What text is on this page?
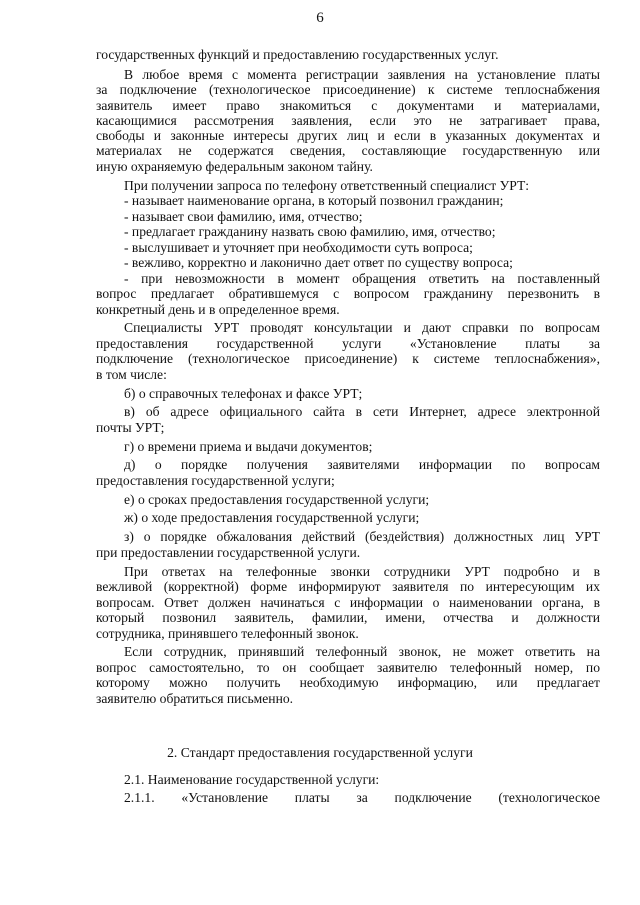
6
государственных функций и предоставлению государственных услуг.
В любое время с момента регистрации заявления на установление платы
за подключение (технологическое присоединение) к системе теплоснабжения
заявитель имеет право знакомиться с документами и материалами,
касающимися рассмотрения заявления, если это не затрагивает права,
свободы и законные интересы других лиц и если в указанных документах и
материалах не содержатся сведения, составляющие государственную или
иную охраняемую федеральным законом тайну.
При получении запроса по телефону ответственный специалист УРТ:
- называет наименование органа, в который позвонил гражданин;
- называет свои фамилию, имя, отчество;
- предлагает гражданину назвать свою фамилию, имя, отчество;
- выслушивает и уточняет при необходимости суть вопроса;
- вежливо, корректно и лаконично дает ответ по существу вопроса;
- при невозможности в момент обращения ответить на поставленный
вопрос предлагает обратившемуся с вопросом гражданину перезвонить в
конкретный день и в определенное время.
Специалисты УРТ проводят консультации и дают справки по вопросам
предоставления государственной услуги «Установление платы за
подключение (технологическое присоединение) к системе теплоснабжения»,
в том числе:
б) о справочных телефонах и факсе УРТ;
в) об адресе официального сайта в сети Интернет, адресе электронной
почты УРТ;
г) о времени приема и выдачи документов;
д) о порядке получения заявителями информации по вопросам
предоставления государственной услуги;
е) о сроках предоставления государственной услуги;
ж) о ходе предоставления государственной услуги;
з) о порядке обжалования действий (бездействия) должностных лиц УРТ
при предоставлении государственной услуги.
При ответах на телефонные звонки сотрудники УРТ подробно и в
вежливой (корректной) форме информируют заявителя по интересующим их
вопросам. Ответ должен начинаться с информации о наименовании органа, в
который позвонил заявитель, фамилии, имени, отчества и должности
сотрудника, принявшего телефонный звонок.
Если сотрудник, принявший телефонный звонок, не может ответить на
вопрос самостоятельно, то он сообщает заявителю телефонный номер, по
которому можно получить необходимую информацию, или предлагает
заявителю обратиться письменно.
2. Стандарт предоставления государственной услуги
2.1. Наименование государственной услуги:
2.1.1. «Установление платы за подключение (технологическое
